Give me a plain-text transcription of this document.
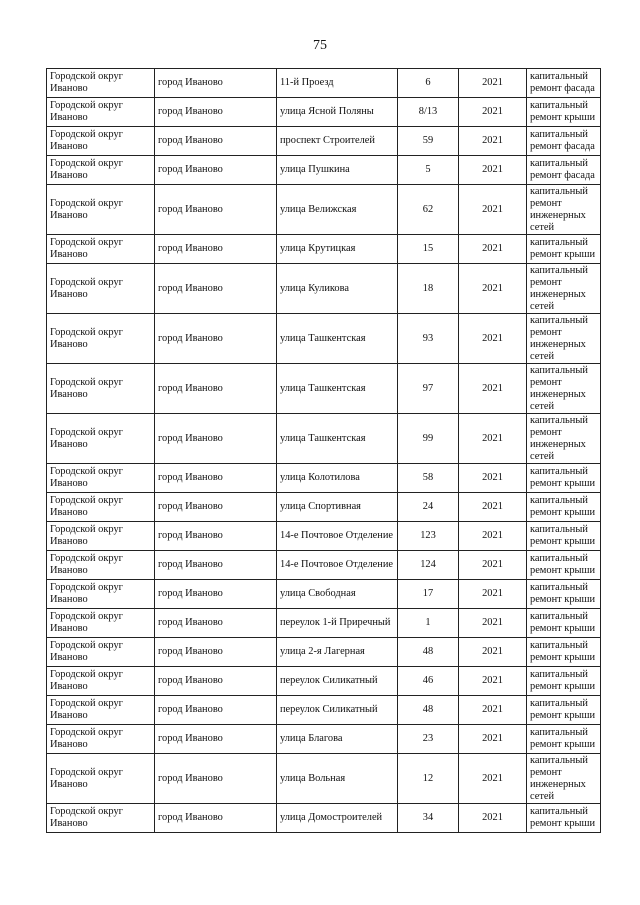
75
Городской округ Иваново	город Иваново	11-й Проезд	6	2021	капитальный ремонт фасада
Городской округ Иваново	город Иваново	улица Ясной Поляны	8/13	2021	капитальный ремонт крыши
Городской округ Иваново	город Иваново	проспект Строителей	59	2021	капитальный ремонт фасада
Городской округ Иваново	город Иваново	улица Пушкина	5	2021	капитальный ремонт фасада
Городской округ Иваново	город Иваново	улица Велижская	62	2021	капитальный ремонт инженерных сетей
Городской округ Иваново	город Иваново	улица Крутицкая	15	2021	капитальный ремонт крыши
Городской округ Иваново	город Иваново	улица Куликова	18	2021	капитальный ремонт инженерных сетей
Городской округ Иваново	город Иваново	улица Ташкентская	93	2021	капитальный ремонт инженерных сетей
Городской округ Иваново	город Иваново	улица Ташкентская	97	2021	капитальный ремонт инженерных сетей
Городской округ Иваново	город Иваново	улица Ташкентская	99	2021	капитальный ремонт инженерных сетей
Городской округ Иваново	город Иваново	улица Колотилова	58	2021	капитальный ремонт крыши
Городской округ Иваново	город Иваново	улица Спортивная	24	2021	капитальный ремонт крыши
Городской округ Иваново	город Иваново	14-е Почтовое Отделение	123	2021	капитальный ремонт крыши
Городской округ Иваново	город Иваново	14-е Почтовое Отделение	124	2021	капитальный ремонт крыши
Городской округ Иваново	город Иваново	улица Свободная	17	2021	капитальный ремонт крыши
Городской округ Иваново	город Иваново	переулок 1-й Приречный	1	2021	капитальный ремонт крыши
Городской округ Иваново	город Иваново	улица 2-я Лагерная	48	2021	капитальный ремонт крыши
Городской округ Иваново	город Иваново	переулок Силикатный	46	2021	капитальный ремонт крыши
Городской округ Иваново	город Иваново	переулок Силикатный	48	2021	капитальный ремонт крыши
Городской округ Иваново	город Иваново	улица Благова	23	2021	капитальный ремонт крыши
Городской округ Иваново	город Иваново	улица Вольная	12	2021	капитальный ремонт инженерных сетей
Городской округ Иваново	город Иваново	улица Домостроителей	34	2021	капитальный ремонт крыши
